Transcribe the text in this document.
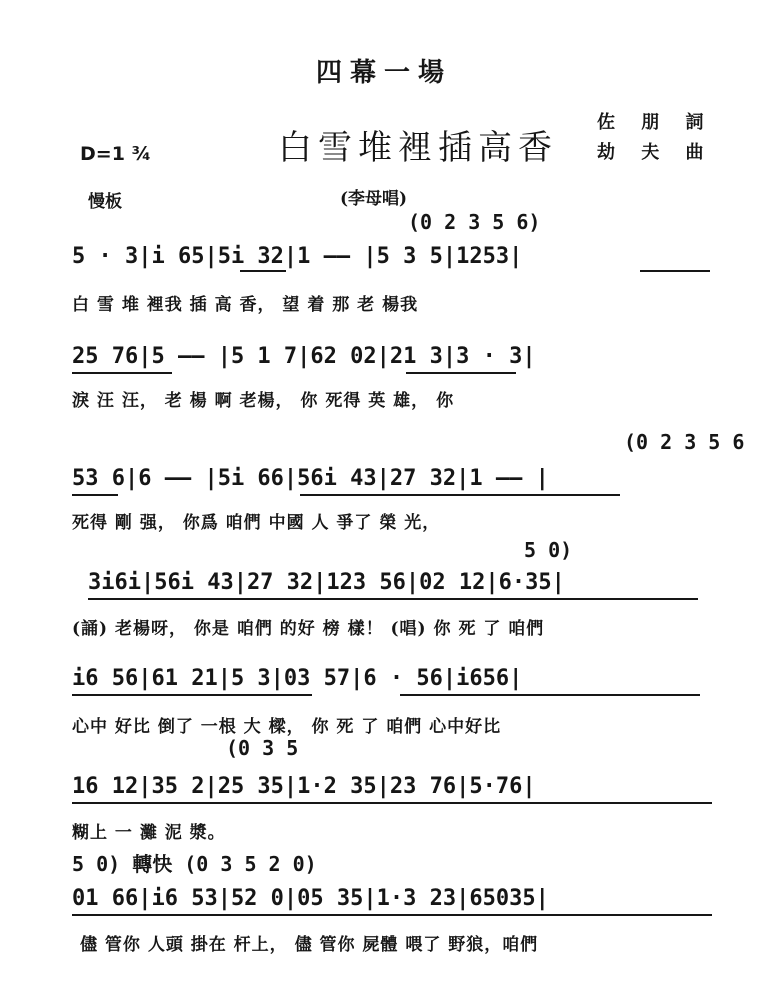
四幕一場
白雪堆裡插高香
佐 朋 詞
劫 夫 曲
D=1 ¾
慢板	(李母唱)
(0 2 3 5 6)
5 · 3|i 65|5i 32|1 —— |5 3 5|1253|
白 雪 堆 裡我 插 高 香， 望 着 那 老 楊我
25 76|5 —— |5 1 7|62 02|21 3|3 · 3|
淚 汪 汪， 老 楊 啊 老楊， 你 死得 英 雄， 你
(0 2 3 5 6
53 6|6 —— |5i 66|56i 43|27 32|1 —— |
死得 剛 强， 你爲 咱們 中國 人 爭了 榮 光，
5 0)
3i6i|56i 43|27 32|123 56|02 12|6·35|
(誦) 老楊呀， 你是 咱們 的好 榜 樣！ (唱) 你 死 了 咱們
i6 56|61 21|5 3|03 57|6 · 56|i656|
心中 好比 倒了 一根 大 樑， 你 死 了 咱們 心中好比
(0 3 5
16 12|35 2|25 35|1·2 35|23 76|5·76|
糊上 一 灘 泥 漿。
5 0) 轉快 (0 3 5 2 0)
01 66|i6 53|52 0|05 35|1·3 23|65035|
儘 管你 人頭 掛在 杆上， 儘 管你 屍體 喂了 野狼，咱們
